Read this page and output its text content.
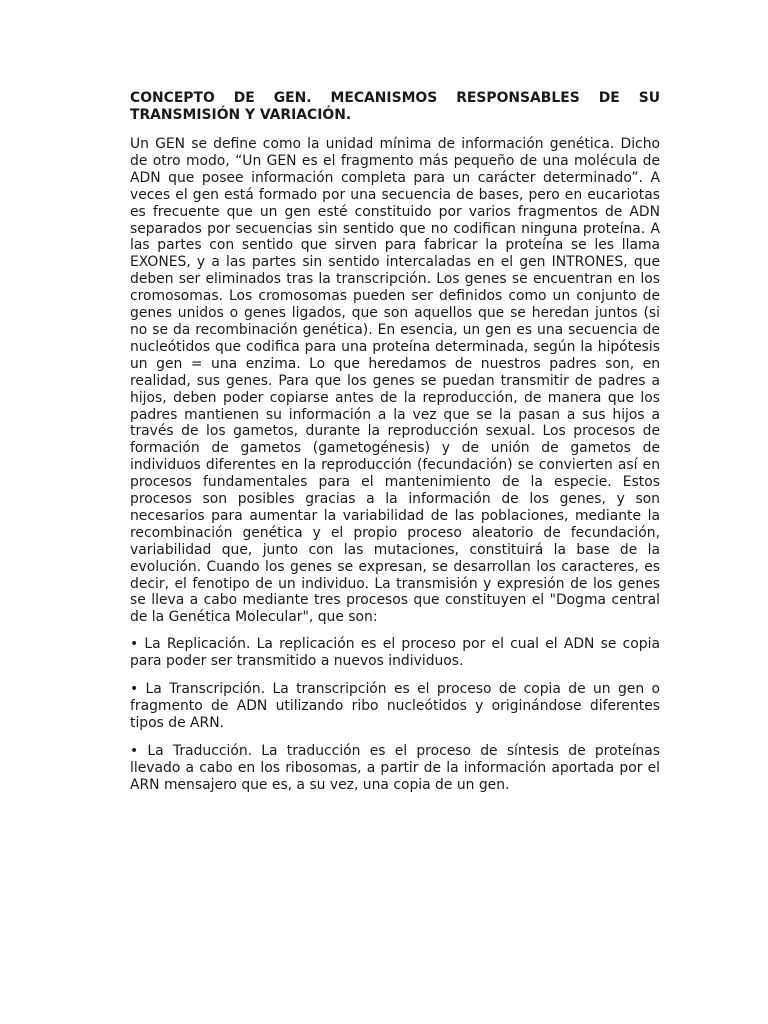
CONCEPTO DE GEN. MECANISMOS RESPONSABLES DE SU TRANSMISIÓN Y VARIACIÓN.
Un GEN se define como la unidad mínima de información genética. Dicho de otro modo, “Un GEN es el fragmento más pequeño de una molécula de ADN que posee información completa para un carácter determinado”. A veces el gen está formado por una secuencia de bases, pero en eucariotas es frecuente que un gen esté constituido por varios fragmentos de ADN separados por secuencias sin sentido que no codifican ninguna proteína. A las partes con sentido que sirven para fabricar la proteína se les llama EXONES, y a las partes sin sentido intercaladas en el gen INTRONES, que deben ser eliminados tras la transcripción. Los genes se encuentran en los cromosomas. Los cromosomas pueden ser definidos como un conjunto de genes unidos o genes ligados, que son aquellos que se heredan juntos (si no se da recombinación genética). En esencia, un gen es una secuencia de nucleótidos que codifica para una proteína determinada, según la hipótesis un gen = una enzima. Lo que heredamos de nuestros padres son, en realidad, sus genes. Para que los genes se puedan transmitir de padres a hijos, deben poder copiarse antes de la reproducción, de manera que los padres mantienen su información a la vez que se la pasan a sus hijos a través de los gametos, durante la reproducción sexual. Los procesos de formación de gametos (gametogénesis) y de unión de gametos de individuos diferentes en la reproducción (fecundación) se convierten así en procesos fundamentales para el mantenimiento de la especie. Estos procesos son posibles gracias a la información de los genes, y son necesarios para aumentar la variabilidad de las poblaciones, mediante la recombinación genética y el propio proceso aleatorio de fecundación, variabilidad que, junto con las mutaciones, constituirá la base de la evolución. Cuando los genes se expresan, se desarrollan los caracteres, es decir, el fenotipo de un individuo. La transmisión y expresión de los genes se lleva a cabo mediante tres procesos que constituyen el "Dogma central de la Genética Molecular", que son:
• La Replicación. La replicación es el proceso por el cual el ADN se copia para poder ser transmitido a nuevos individuos.
• La Transcripción. La transcripción es el proceso de copia de un gen o fragmento de ADN utilizando ribo nucleótidos y originándose diferentes tipos de ARN.
• La Traducción. La traducción es el proceso de síntesis de proteínas llevado a cabo en los ribosomas, a partir de la información aportada por el ARN mensajero que es, a su vez, una copia de un gen.
